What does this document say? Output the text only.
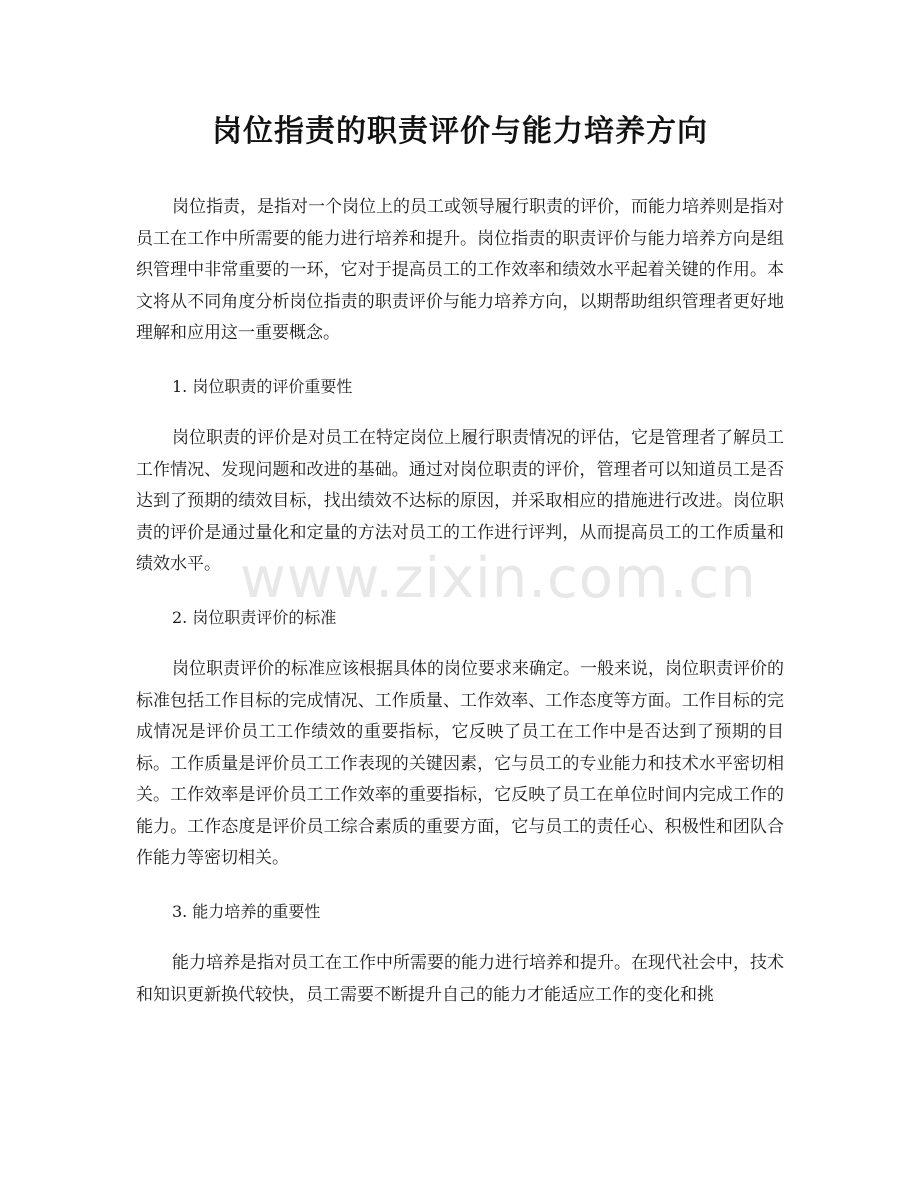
岗位指责的职责评价与能力培养方向

岗位指责，是指对一个岗位上的员工或领导履行职责的评价，而能力培养则是指对员工在工作中所需要的能力进行培养和提升。岗位指责的职责评价与能力培养方向是组织管理中非常重要的一环，它对于提高员工的工作效率和绩效水平起着关键的作用。本文将从不同角度分析岗位指责的职责评价与能力培养方向，以期帮助组织管理者更好地理解和应用这一重要概念。

1. 岗位职责的评价重要性

岗位职责的评价是对员工在特定岗位上履行职责情况的评估，它是管理者了解员工工作情况、发现问题和改进的基础。通过对岗位职责的评价，管理者可以知道员工是否达到了预期的绩效目标，找出绩效不达标的原因，并采取相应的措施进行改进。岗位职责的评价是通过量化和定量的方法对员工的工作进行评判，从而提高员工的工作质量和绩效水平。

2. 岗位职责评价的标准

岗位职责评价的标准应该根据具体的岗位要求来确定。一般来说，岗位职责评价的标准包括工作目标的完成情况、工作质量、工作效率、工作态度等方面。工作目标的完成情况是评价员工工作绩效的重要指标，它反映了员工在工作中是否达到了预期的目标。工作质量是评价员工工作表现的关键因素，它与员工的专业能力和技术水平密切相关。工作效率是评价员工工作效率的重要指标，它反映了员工在单位时间内完成工作的能力。工作态度是评价员工综合素质的重要方面，它与员工的责任心、积极性和团队合作能力等密切相关。

3. 能力培养的重要性

能力培养是指对员工在工作中所需要的能力进行培养和提升。在现代社会中，技术和知识更新换代较快，员工需要不断提升自己的能力才能适应工作的变化和挑

www.zixin.com.cn
